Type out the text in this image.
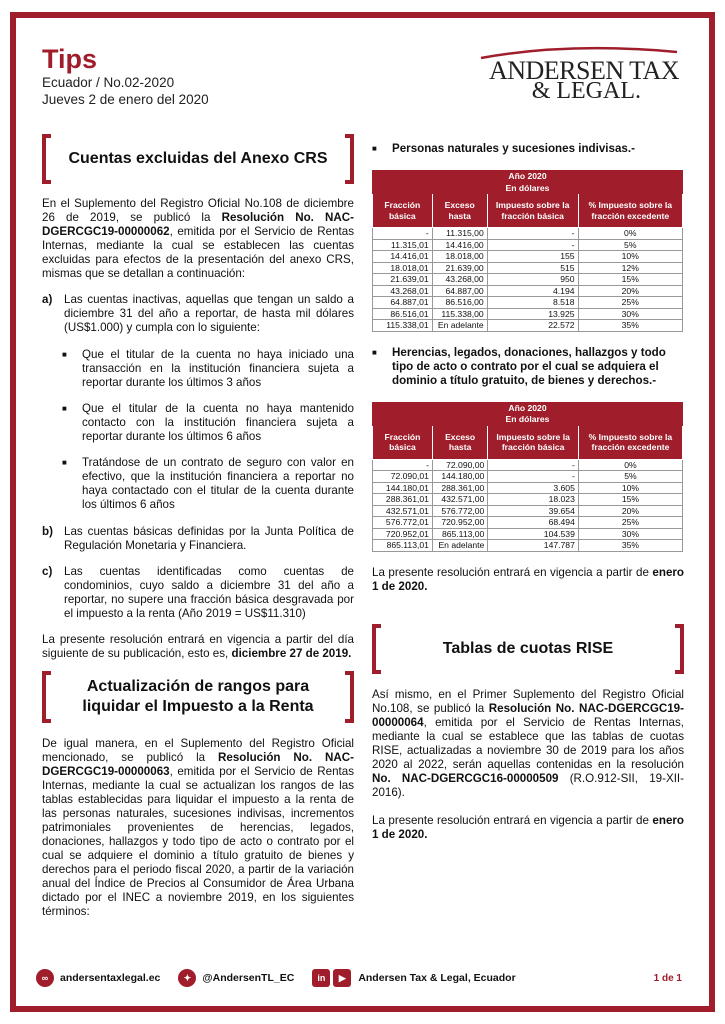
Tips
Ecuador / No.02-2020
Jueves 2 de enero del 2020
ANDERSEN TAX
& LEGAL.
Cuentas excluidas del Anexo CRS

En el Suplemento del Registro Oficial No.108 de diciembre 26 de 2019, se publicó la Resolución No. NAC-DGERCGC19-00000062, emitida por el Servicio de Rentas Internas, mediante la cual se establecen las cuentas excluidas para efectos de la presentación del anexo CRS, mismas que se detallan a continuación:

a)	Las cuentas inactivas, aquellas que tengan un saldo a diciembre 31 del año a reportar, de hasta mil dólares (US$1.000) y cumpla con lo siguiente:
■	Que el titular de la cuenta no haya iniciado una transacción en la institución financiera sujeta a reportar durante los últimos 3 años
■	Que el titular de la cuenta no haya mantenido contacto con la institución financiera sujeta a reportar durante los últimos 6 años
■	Tratándose de un contrato de seguro con valor en efectivo, que la institución financiera a reportar no haya contactado con el titular de la cuenta durante los últimos 6 años
b) Las cuentas básicas definidas por la Junta Política de Regulación Monetaria y Financiera.
c)	Las cuentas identificadas como cuentas de condominios, cuyo saldo a diciembre 31 del año a reportar, no supere una fracción básica desgravada por el impuesto a la renta (Año 2019 = US$11.310)

La presente resolución entrará en vigencia a partir del día siguiente de su publicación, esto es, diciembre 27 de 2019.

Actualización de rangos para liquidar el Impuesto a la Renta

De igual manera, en el Suplemento del Registro Oficial mencionado, se publicó la Resolución No. NAC-DGERCGC19-00000063, emitida por el Servicio de Rentas Internas, mediante la cual se actualizan los rangos de las tablas establecidas para liquidar el impuesto a la renta de las personas naturales, sucesiones indivisas, incrementos patrimoniales provenientes de herencias, legados, donaciones, hallazgos y todo tipo de acto o contrato por el cual se adquiere el dominio a título gratuito de bienes y derechos para el periodo fiscal 2020, a partir de la variación anual del Índice de Precios al Consumidor de Área Urbana dictado por el INEC a noviembre 2019, en los siguientes términos:

■	Personas naturales y sucesiones indivisas.-
Año 2020			
En dólares			
Fracción básica	Exceso hasta	Impuesto sobre la fracción básica	% Impuesto sobre la fracción excedente
-	11.315,00	-	0%
11.315,01	14.416,00	-	5%
14.416,01	18.018,00	155	10%
18.018,01	21.639,00	515	12%
21.639,01	43.268,00	950	15%
43.268,01	64.887,00	4.194	20%
64.887,01	86.516,00	8.518	25%
86.516,01	115.338,00	13.925	30%
115.338,01	En adelante	22.572	35%
■	Herencias, legados, donaciones, hallazgos y todo tipo de acto o contrato por el cual se adquiera el dominio a título gratuito, de bienes y derechos.-
Año 2020			
En dólares			
Fracción básica	Exceso hasta	Impuesto sobre la fracción básica	% Impuesto sobre la fracción excedente
-	72.090,00	-	0%
72.090,01	144.180,00	-	5%
144.180,01	288.361,00	3.605	10%
288.361,01	432.571,00	18.023	15%
432.571,01	576.772,00	39.654	20%
576.772,01	720.952,00	68.494	25%
720.952,01	865.113,00	104.539	30%
865.113,01	En adelante	147.787	35%

La presente resolución entrará en vigencia a partir de enero 1 de 2020.

Tablas de cuotas RISE

Así mismo, en el Primer Suplemento del Registro Oficial No.108, se publicó la Resolución No. NAC-DGERCGC19-00000064, emitida por el Servicio de Rentas Internas, mediante la cual se establece que las tablas de cuotas RISE, actualizadas a noviembre 30 de 2019 para los años 2020 al 2022, serán aquellas contenidas en la resolución No. NAC-DGERCGC16-00000509 (R.O.912-SII, 19-XII-2016).

La presente resolución entrará en vigencia a partir de enero 1 de 2020.

∞	andersentaxlegal.ec	✦	@AndersenTL_EC	in	▶	Andersen Tax & Legal, Ecuador	1 de 1
